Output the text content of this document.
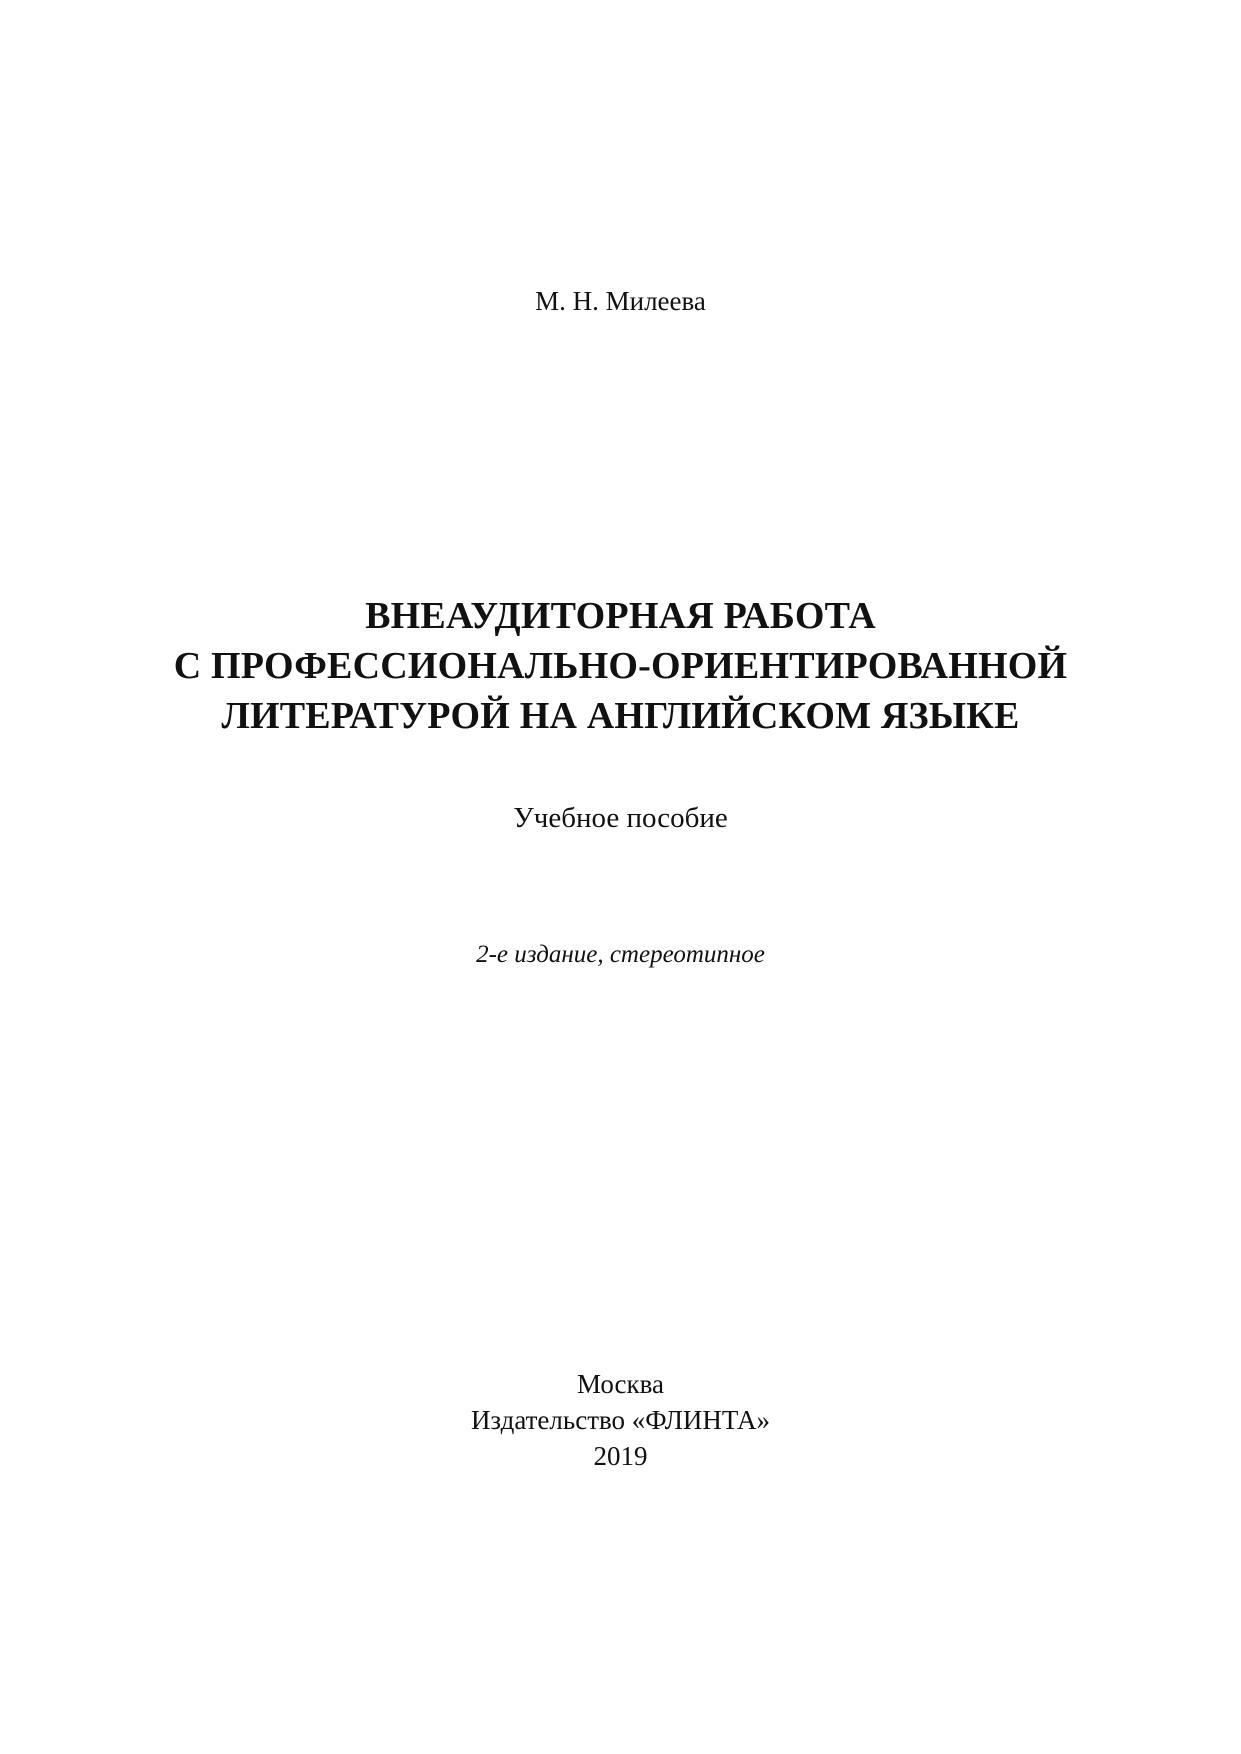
М. Н. Милеева
ВНЕАУДИТОРНАЯ РАБОТА
С ПРОФЕССИОНАЛЬНО-ОРИЕНТИРОВАННОЙ
ЛИТЕРАТУРОЙ НА АНГЛИЙСКОМ ЯЗЫКЕ
Учебное пособие
2-е издание, стереотипное
Москва
Издательство «ФЛИНТА»
2019
